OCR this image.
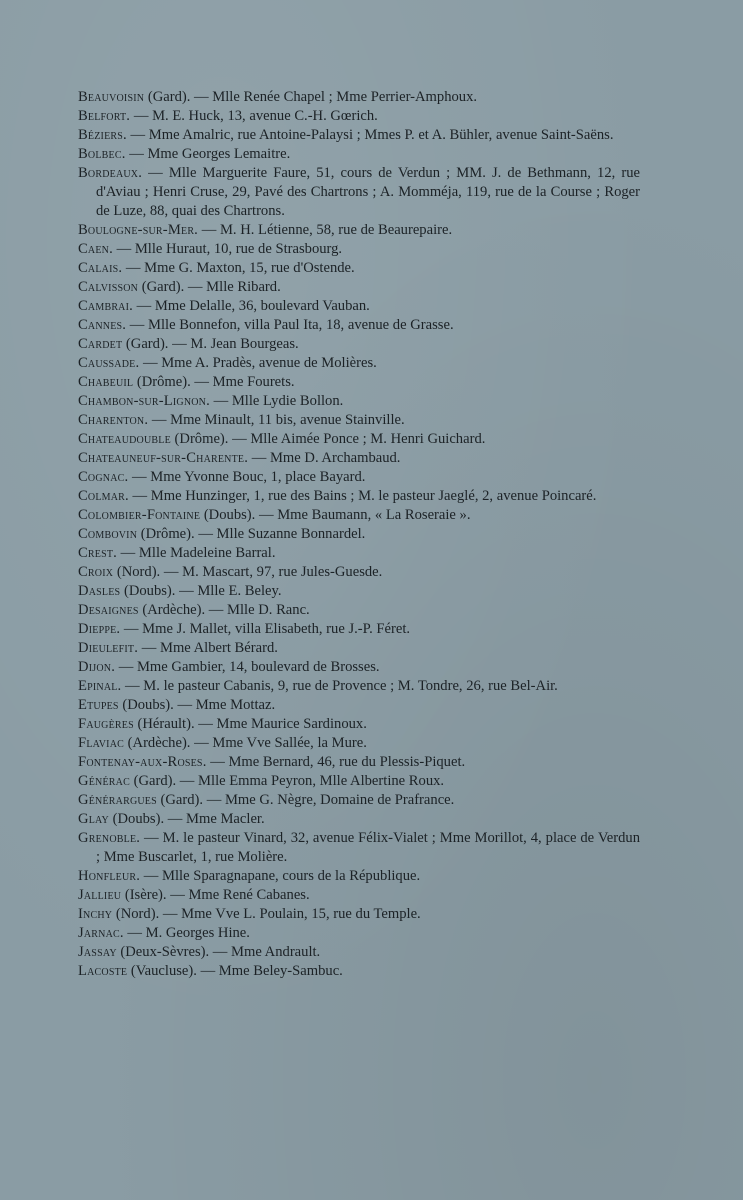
Beauvoisin (Gard). — Mlle Renée Chapel ; Mme Perrier-Amphoux.

Belfort. — M. E. Huck, 13, avenue C.-H. Gœrich.

Béziers. — Mme Amalric, rue Antoine-Palaysi ; Mmes P. et A. Bühler, avenue Saint-Saëns.

Bolbec. — Mme Georges Lemaitre.

Bordeaux. — Mlle Marguerite Faure, 51, cours de Verdun ; MM. J. de Bethmann, 12, rue d'Aviau ; Henri Cruse, 29, Pavé des Chartrons ; A. Momméja, 119, rue de la Course ; Roger de Luze, 88, quai des Chartrons.

Boulogne-sur-Mer. — M. H. Létienne, 58, rue de Beaurepaire.

Caen. — Mlle Huraut, 10, rue de Strasbourg.

Calais. — Mme G. Maxton, 15, rue d'Ostende.

Calvisson (Gard). — Mlle Ribard.

Cambrai. — Mme Delalle, 36, boulevard Vauban.

Cannes. — Mlle Bonnefon, villa Paul Ita, 18, avenue de Grasse.

Cardet (Gard). — M. Jean Bourgeas.

Caussade. — Mme A. Pradès, avenue de Molières.

Chabeuil (Drôme). — Mme Fourets.

Chambon-sur-Lignon. — Mlle Lydie Bollon.

Charenton. — Mme Minault, 11 bis, avenue Stainville.

Chateaudouble (Drôme). — Mlle Aimée Ponce ; M. Henri Guichard.

Chateauneuf-sur-Charente. — Mme D. Archambaud.

Cognac. — Mme Yvonne Bouc, 1, place Bayard.

Colmar. — Mme Hunzinger, 1, rue des Bains ; M. le pasteur Jaeglé, 2, avenue Poincaré.

Colombier-Fontaine (Doubs). — Mme Baumann, « La Roseraie ».

Combovin (Drôme). — Mlle Suzanne Bonnardel.

Crest. — Mlle Madeleine Barral.

Croix (Nord). — M. Mascart, 97, rue Jules-Guesde.

Dasles (Doubs). — Mlle E. Beley.

Desaignes (Ardèche). — Mlle D. Ranc.

Dieppe. — Mme J. Mallet, villa Elisabeth, rue J.-P. Féret.

Dieulefit. — Mme Albert Bérard.

Dijon. — Mme Gambier, 14, boulevard de Brosses.

Epinal. — M. le pasteur Cabanis, 9, rue de Provence ; M. Tondre, 26, rue Bel-Air.

Etupes (Doubs). — Mme Mottaz.

Faugères (Hérault). — Mme Maurice Sardinoux.

Flaviac (Ardèche). — Mme Vve Sallée, la Mure.

Fontenay-aux-Roses. — Mme Bernard, 46, rue du Plessis-Piquet.

Générac (Gard). — Mlle Emma Peyron, Mlle Albertine Roux.

Générargues (Gard). — Mme G. Nègre, Domaine de Prafrance.

Glay (Doubs). — Mme Macler.

Grenoble. — M. le pasteur Vinard, 32, avenue Félix-Vialet ; Mme Morillot, 4, place de Verdun ; Mme Buscarlet, 1, rue Molière.

Honfleur. — Mlle Sparagnapane, cours de la République.

Jallieu (Isère). — Mme René Cabanes.

Inchy (Nord). — Mme Vve L. Poulain, 15, rue du Temple.

Jarnac. — M. Georges Hine.

Jassay (Deux-Sèvres). — Mme Andrault.

Lacoste (Vaucluse). — Mme Beley-Sambuc.
